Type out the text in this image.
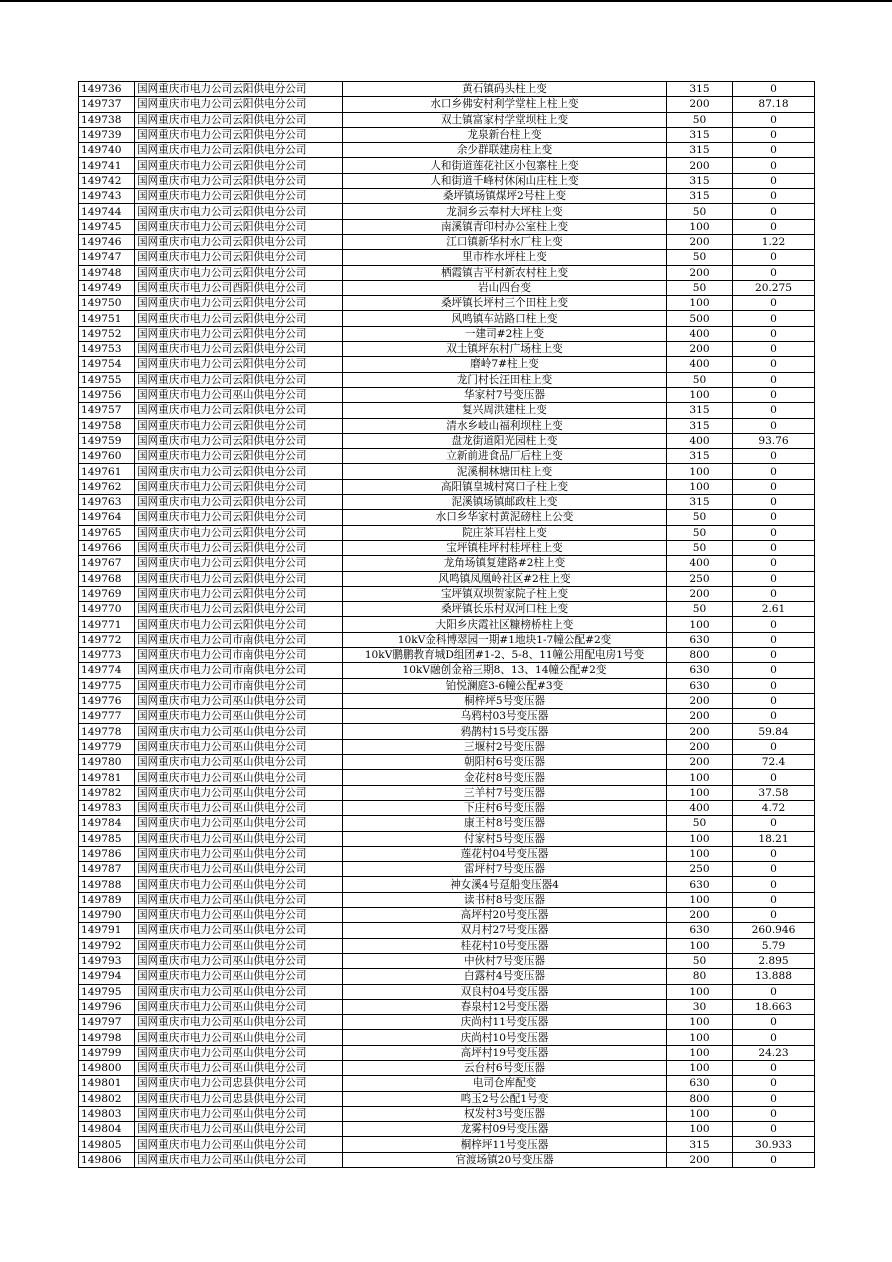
149736	国网重庆市电力公司云阳供电分公司	黄石镇码头柱上变	315	0
149737	国网重庆市电力公司云阳供电分公司	水口乡佛安村利学堂柱上柱上变	200	87.18
149738	国网重庆市电力公司云阳供电分公司	双土镇富家村学堂坝柱上变	50	0
149739	国网重庆市电力公司云阳供电分公司	龙泉新台柱上变	315	0
149740	国网重庆市电力公司云阳供电分公司	余少群联建房柱上变	315	0
149741	国网重庆市电力公司云阳供电分公司	人和街道莲花社区小包寨柱上变	200	0
149742	国网重庆市电力公司云阳供电分公司	人和街道千峰村休闲山庄柱上变	315	0
149743	国网重庆市电力公司云阳供电分公司	桑坪镇场镇煤坪2号柱上变	315	0
149744	国网重庆市电力公司云阳供电分公司	龙洞乡云奉村大坪柱上变	50	0
149745	国网重庆市电力公司云阳供电分公司	南溪镇青印村办公室柱上变	100	0
149746	国网重庆市电力公司云阳供电分公司	江口镇新华村水厂柱上变	200	1.22
149747	国网重庆市电力公司云阳供电分公司	里市柞水坪柱上变	50	0
149748	国网重庆市电力公司云阳供电分公司	栖霞镇吉平村新农村柱上变	200	0
149749	国网重庆市电力公司酉阳供电分公司	岩山四台变	50	20.275
149750	国网重庆市电力公司云阳供电分公司	桑坪镇长坪村三个田柱上变	100	0
149751	国网重庆市电力公司云阳供电分公司	风鸣镇车站路口柱上变	500	0
149752	国网重庆市电力公司云阳供电分公司	一建司#2柱上变	400	0
149753	国网重庆市电力公司云阳供电分公司	双土镇坪东村广场柱上变	200	0
149754	国网重庆市电力公司云阳供电分公司	磨岭7#柱上变	400	0
149755	国网重庆市电力公司云阳供电分公司	龙门村长汪田柱上变	50	0
149756	国网重庆市电力公司巫山供电分公司	华家村7号变压器	100	0
149757	国网重庆市电力公司云阳供电分公司	复兴周洪建柱上变	315	0
149758	国网重庆市电力公司云阳供电分公司	清水乡岐山福利坝柱上变	315	0
149759	国网重庆市电力公司云阳供电分公司	盘龙街道阳光园柱上变	400	93.76
149760	国网重庆市电力公司云阳供电分公司	立新前进食品厂后柱上变	315	0
149761	国网重庆市电力公司云阳供电分公司	泥溪桐林塘田柱上变	100	0
149762	国网重庆市电力公司云阳供电分公司	高阳镇皇城村窝口子柱上变	100	0
149763	国网重庆市电力公司云阳供电分公司	泥溪镇场镇邮政柱上变	315	0
149764	国网重庆市电力公司云阳供电分公司	水口乡华家村黄泥磅柱上公变	50	0
149765	国网重庆市电力公司云阳供电分公司	院庄茶耳岩柱上变	50	0
149766	国网重庆市电力公司云阳供电分公司	宝坪镇桂坪村桂坪柱上变	50	0
149767	国网重庆市电力公司云阳供电分公司	龙角场镇复建路#2柱上变	400	0
149768	国网重庆市电力公司云阳供电分公司	风鸣镇凤凰岭社区#2柱上变	250	0
149769	国网重庆市电力公司云阳供电分公司	宝坪镇双坝贺家院子柱上变	200	0
149770	国网重庆市电力公司云阳供电分公司	桑坪镇长乐村双河口柱上变	50	2.61
149771	国网重庆市电力公司云阳供电分公司	大阳乡庆霞社区糠榜桥柱上变	100	0
149772	国网重庆市电力公司市南供电分公司	10kV金科博翠园一期#1地块1-7幢公配#2变	630	0
149773	国网重庆市电力公司市南供电分公司	10kV鹏鹏教育城D组团#1-2、5-8、11幢公用配电房1号变	800	0
149774	国网重庆市电力公司市南供电分公司	10kV融创金裕三期8、13、14幢公配#2变	630	0
149775	国网重庆市电力公司市南供电分公司	铂悦澜庭3-6幢公配#3变	630	0
149776	国网重庆市电力公司巫山供电分公司	桐梓坪5号变压器	200	0
149777	国网重庆市电力公司巫山供电分公司	乌鸦村03号变压器	200	0
149778	国网重庆市电力公司巫山供电分公司	鸦鹊村15号变压器	200	59.84
149779	国网重庆市电力公司巫山供电分公司	三堰村2号变压器	200	0
149780	国网重庆市电力公司巫山供电分公司	朝阳村6号变压器	200	72.4
149781	国网重庆市电力公司巫山供电分公司	金花村8号变压器	100	0
149782	国网重庆市电力公司巫山供电分公司	三羊村7号变压器	100	37.58
149783	国网重庆市电力公司巫山供电分公司	下庄村6号变压器	400	4.72
149784	国网重庆市电力公司巫山供电分公司	康王村8号变压器	50	0
149785	国网重庆市电力公司巫山供电分公司	付家村5号变压器	100	18.21
149786	国网重庆市电力公司巫山供电分公司	莲花村04号变压器	100	0
149787	国网重庆市电力公司巫山供电分公司	雷坪村7号变压器	250	0
149788	国网重庆市电力公司巫山供电分公司	神女溪4号趸船变压器4	630	0
149789	国网重庆市电力公司巫山供电分公司	读书村8号变压器	100	0
149790	国网重庆市电力公司巫山供电分公司	高坪村20号变压器	200	0
149791	国网重庆市电力公司巫山供电分公司	双月村27号变压器	630	260.946
149792	国网重庆市电力公司巫山供电分公司	桂花村10号变压器	100	5.79
149793	国网重庆市电力公司巫山供电分公司	中伙村7号变压器	50	2.895
149794	国网重庆市电力公司巫山供电分公司	白露村4号变压器	80	13.888
149795	国网重庆市电力公司巫山供电分公司	双良村04号变压器	100	0
149796	国网重庆市电力公司巫山供电分公司	春泉村12号变压器	30	18.663
149797	国网重庆市电力公司巫山供电分公司	庆尚村11号变压器	100	0
149798	国网重庆市电力公司巫山供电分公司	庆尚村10号变压器	100	0
149799	国网重庆市电力公司巫山供电分公司	高坪村19号变压器	100	24.23
149800	国网重庆市电力公司巫山供电分公司	云台村6号变压器	100	0
149801	国网重庆市电力公司忠县供电分公司	电司仓库配变	630	0
149802	国网重庆市电力公司忠县供电分公司	鸣玉2号公配1号变	800	0
149803	国网重庆市电力公司巫山供电分公司	权发村3号变压器	100	0
149804	国网重庆市电力公司巫山供电分公司	龙雾村09号变压器	100	0
149805	国网重庆市电力公司巫山供电分公司	桐梓坪11号变压器	315	30.933
149806	国网重庆市电力公司巫山供电分公司	官渡场镇20号变压器	200	0
